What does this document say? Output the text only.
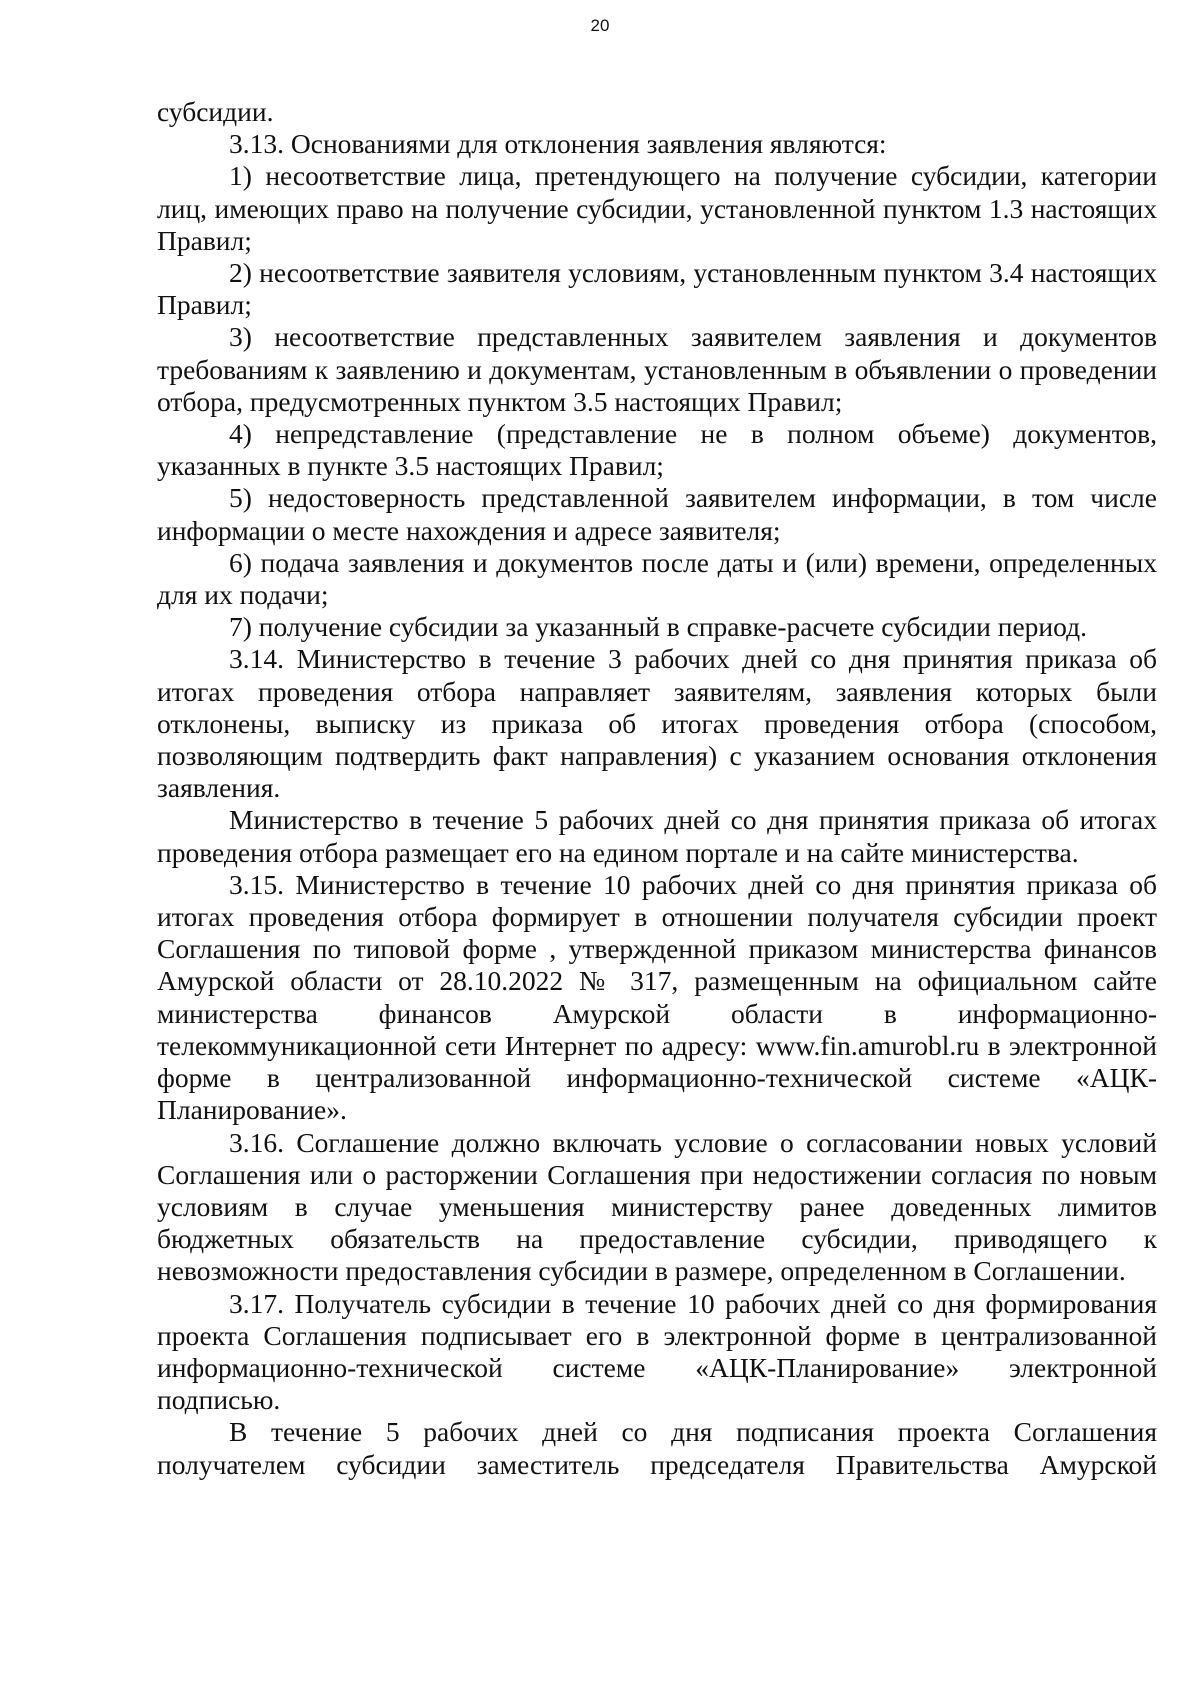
20

субсидии.

3.13. Основаниями для отклонения заявления являются:

1) несоответствие лица, претендующего на получение субсидии, категории лиц, имеющих право на получение субсидии, установленной пунктом 1.3 настоящих Правил;

2) несоответствие заявителя условиям, установленным пунктом 3.4 настоящих Правил;

3) несоответствие представленных заявителем заявления и документов требованиям к заявлению и документам, установленным в объявлении о проведении отбора, предусмотренных пунктом 3.5 настоящих Правил;

4) непредставление (представление не в полном объеме) документов, указанных в пункте 3.5 настоящих Правил;

5) недостоверность представленной заявителем информации, в том числе информации о месте нахождения и адресе заявителя;

6) подача заявления и документов после даты и (или) времени, определенных для их подачи;

7) получение субсидии за указанный в справке-расчете субсидии период.

3.14. Министерство в течение 3 рабочих дней со дня принятия приказа об итогах проведения отбора направляет заявителям, заявления которых были отклонены, выписку из приказа об итогах проведения отбора (способом, позволяющим подтвердить факт направления) с указанием основания отклонения заявления.

Министерство в течение 5 рабочих дней со дня принятия приказа об итогах проведения отбора размещает его на едином портале и на сайте министерства.

3.15. Министерство в течение 10 рабочих дней со дня принятия приказа об итогах проведения отбора формирует в отношении получателя субсидии проект Соглашения по типовой форме , утвержденной приказом министерства финансов Амурской области от 28.10.2022 № 317, размещенным на официальном сайте министерства финансов Амурской области в информационно-телекоммуникационной сети Интернет по адресу: www.fin.amurobl.ru в электронной форме в централизованной информационно-технической системе «АЦК-Планирование».

3.16. Соглашение должно включать условие о согласовании новых условий Соглашения или о расторжении Соглашения при недостижении согласия по новым условиям в случае уменьшения министерству ранее доведенных лимитов бюджетных обязательств на предоставление субсидии, приводящего к невозможности предоставления субсидии в размере, определенном в Соглашении.

3.17. Получатель субсидии в течение 10 рабочих дней со дня формирования проекта Соглашения подписывает его в электронной форме в централизованной информационно-технической системе «АЦК-Планирование» электронной подписью.

В течение 5 рабочих дней со дня подписания проекта Соглашения получателем субсидии заместитель председателя Правительства Амурской
